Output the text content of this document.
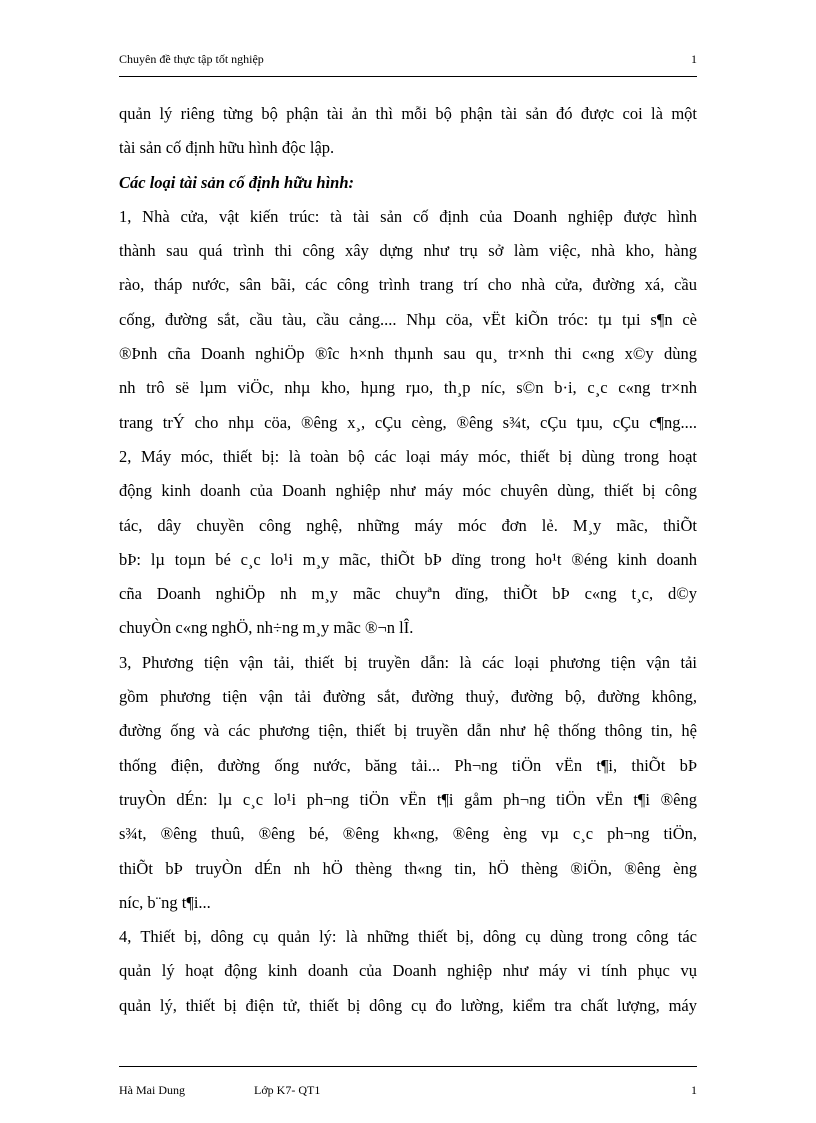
Chuyên đề thực tập tốt nghiệp	1
quản lý riêng từng bộ phận tài ản thì mỗi bộ phận tài sản đó được coi là một
tài sản cố định hữu hình độc lập.
Các loại tài sản cố định hữu hình:
1, Nhà cửa, vật kiến trúc: tà tài sản cố định của Doanh nghiệp được hình
thành sau quá trình thi công xây dựng như trụ sở làm việc, nhà kho, hàng
rào, tháp nước, sân bãi, các công trình trang trí cho nhà cửa, đường xá, cầu
cống, đường sắt, cầu tàu, cầu cảng.... Nhµ cöa, vËt kiÕn tróc: tµ tµi s¶n cè
®Þnh cña Doanh nghiÖp ®îc h×nh thµnh sau qu¸ tr×nh thi c«ng x©y dùng
nh trô së lµm viÖc, nhµ kho, hµng rµo, th¸p níc, s©n b·i, c¸c c«ng tr×nh
trang trÝ cho nhµ cöa, ®êng x¸, cÇu cèng, ®êng s¾t, cÇu tµu, cÇu c¶ng....
2, Máy móc, thiết bị: là toàn bộ các loại máy móc, thiết bị dùng trong hoạt
động kinh doanh của Doanh nghiệp như máy móc chuyên dùng, thiết bị công
tác, dây chuyền công nghệ, những máy móc đơn lẻ. M¸y mãc, thiÕt
bÞ: lµ toµn bé c¸c lo¹i m¸y mãc, thiÕt bÞ dïng trong ho¹t ®éng kinh doanh
cña Doanh nghiÖp nh m¸y mãc chuyªn dïng, thiÕt bÞ c«ng t¸c, d©y
chuyÒn c«ng nghÖ, nh÷ng m¸y mãc ®¬n lÎ.
3, Phương tiện vận tải, thiết bị truyền dẫn: là các loại phương tiện vận tải
gồm phương tiện vận tải đường sắt, đường thuỷ, đường bộ, đường không,
đường ống và các phương tiện, thiết bị truyền dẫn như hệ thống thông tin, hệ
thống điện, đường ống nước, băng tải... Ph¬ng tiÖn vËn t¶i, thiÕt bÞ
truyÒn dÉn: lµ c¸c lo¹i ph¬ng tiÖn vËn t¶i gåm ph¬ng tiÖn vËn t¶i ®êng
s¾t, ®êng thuû, ®êng bé, ®êng kh«ng, ®êng èng vµ c¸c ph¬ng tiÖn,
thiÕt bÞ truyÒn dÉn nh hÖ thèng th«ng tin, hÖ thèng ®iÖn, ®êng èng
níc, b¨ng t¶i...
4, Thiết bị, dông cụ quản lý: là những thiết bị, dông cụ dùng trong công tác
quản lý hoạt động kinh doanh của Doanh nghiệp như máy vi tính phục vụ
quản lý, thiết bị điện tử, thiết bị dông cụ đo lường, kiểm tra chất lượng, máy
Hà Mai Dung	Lớp K7- QT1	1
